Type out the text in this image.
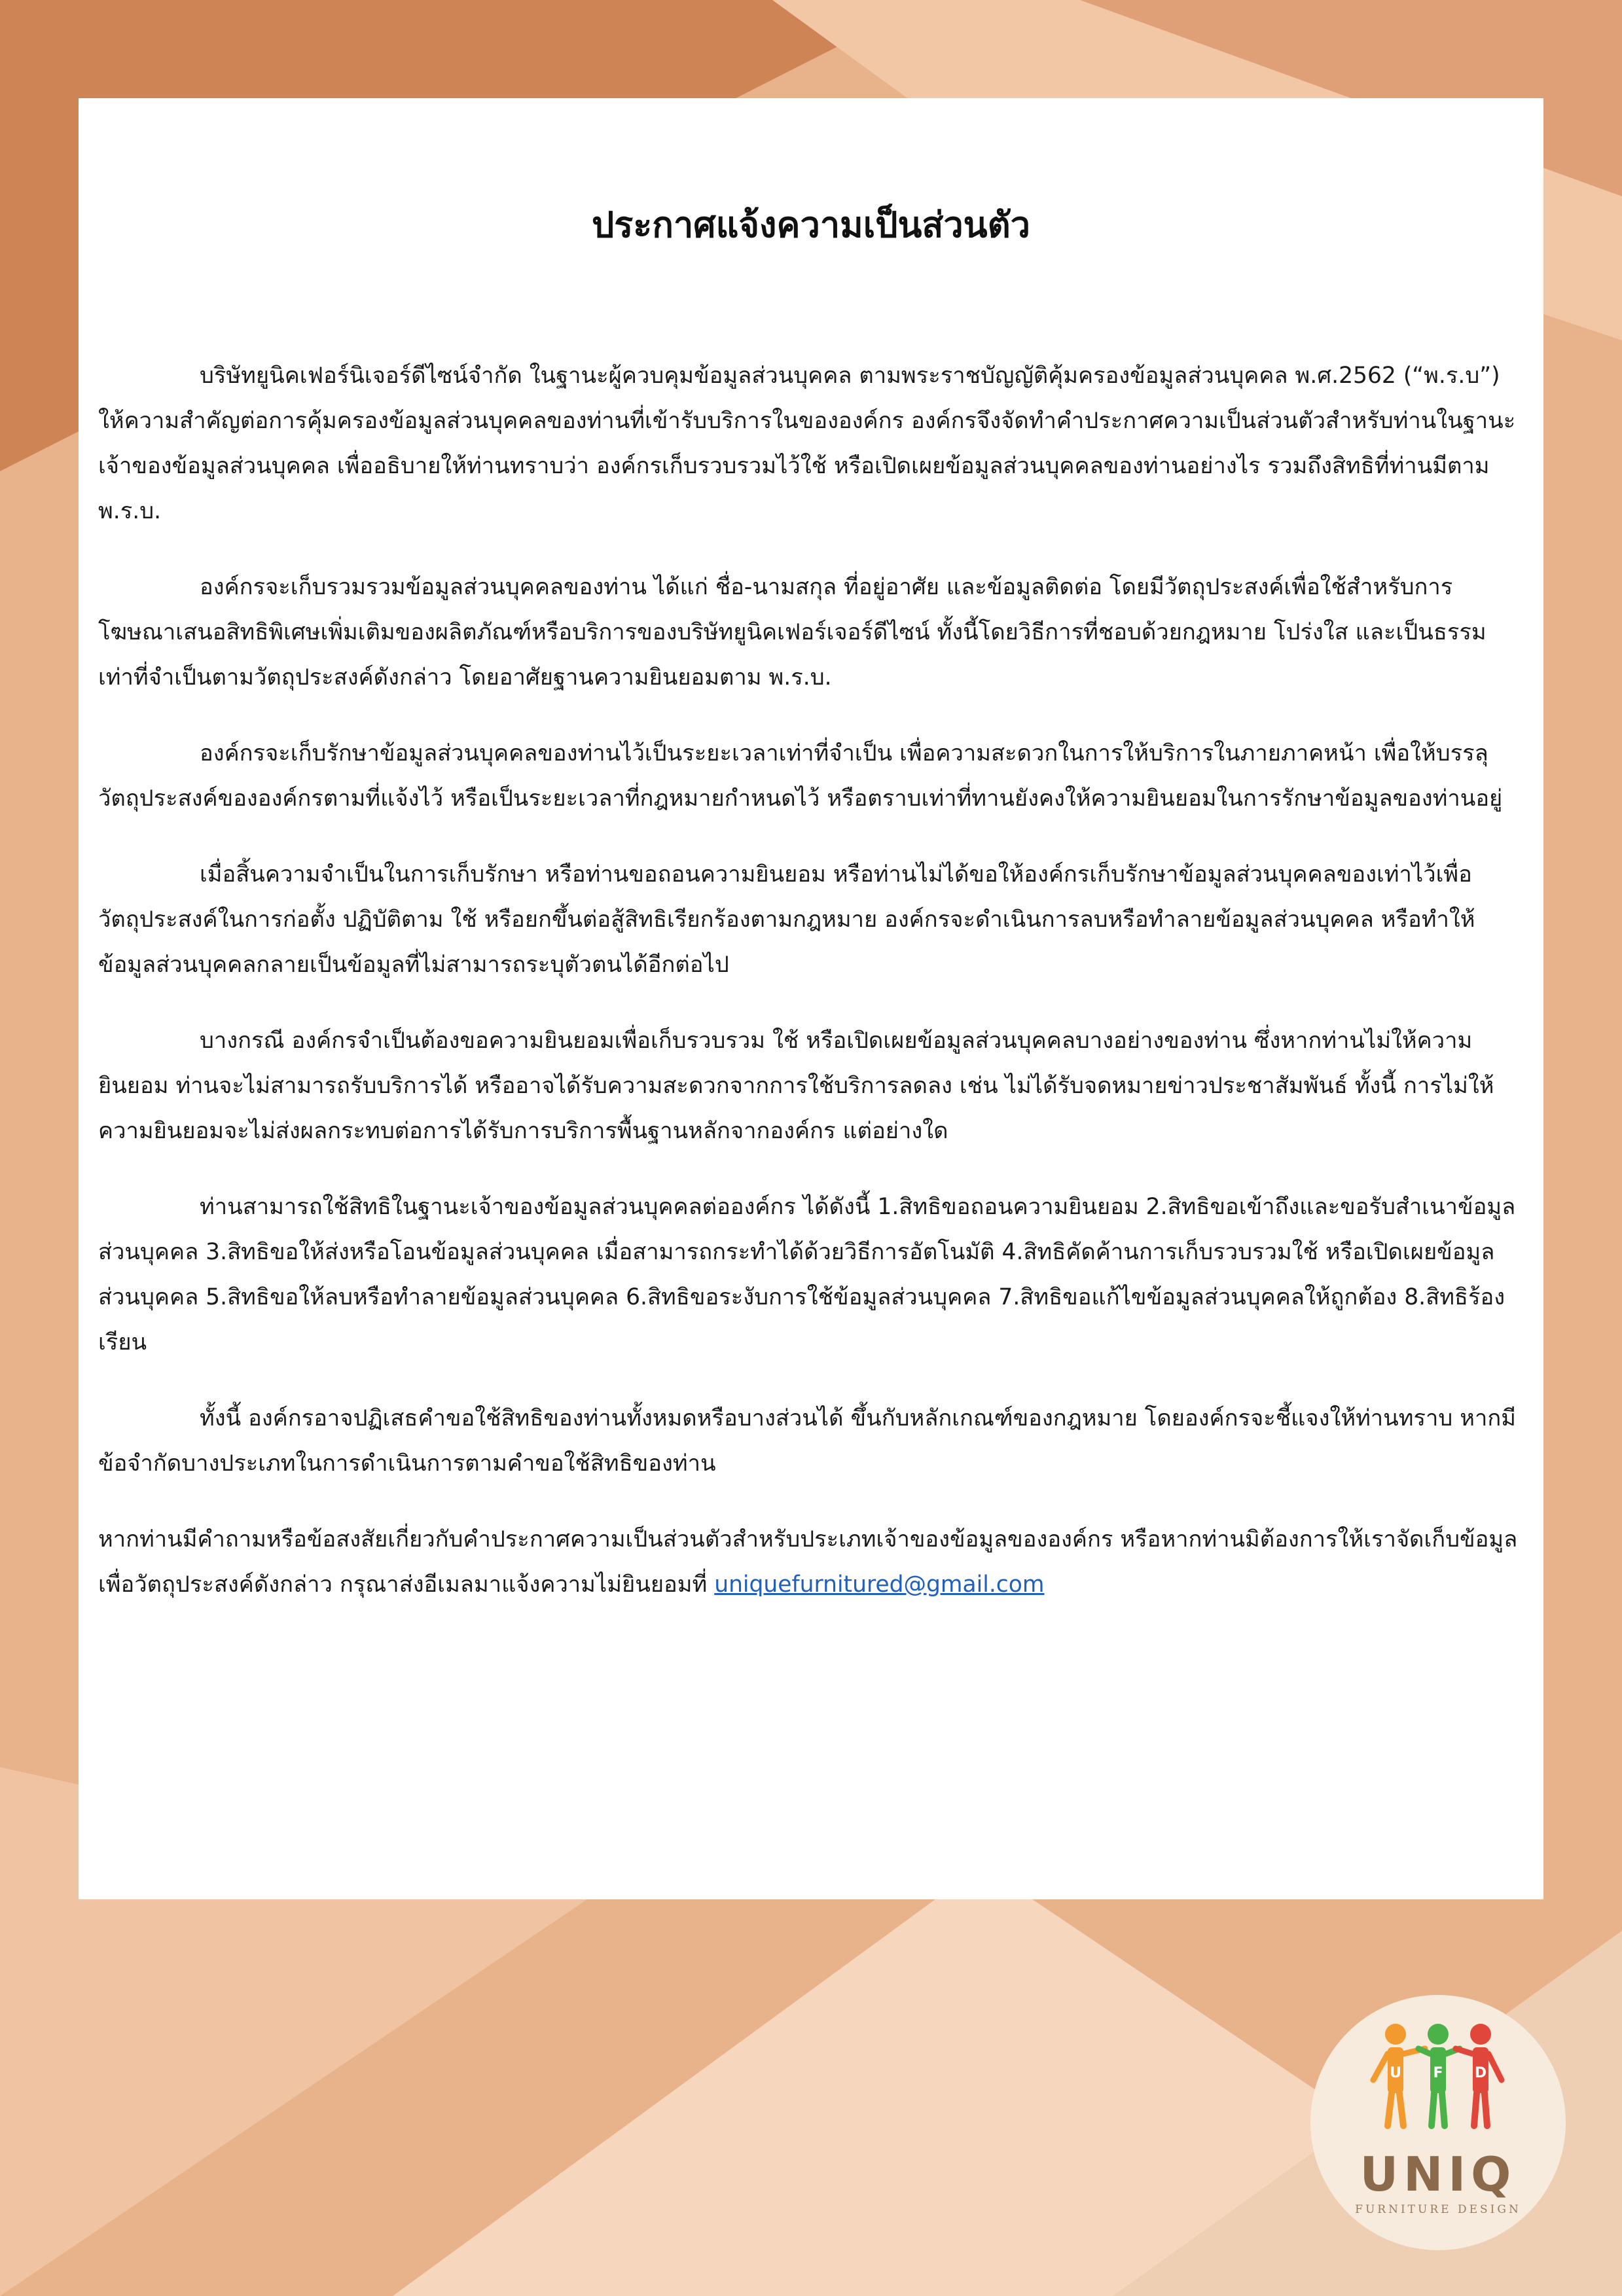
ประกาศแจ้งความเป็นส่วนตัว

บริษัทยูนิคเฟอร์นิเจอร์ดีไซน์จำกัด ในฐานะผู้ควบคุมข้อมูลส่วนบุคคล ตามพระราชบัญญัติคุ้มครองข้อมูลส่วนบุคคล พ.ศ.2562 (“พ.ร.บ”) ให้ความสำคัญต่อการคุ้มครองข้อมูลส่วนบุคคลของท่านที่เข้ารับบริการในขององค์กร องค์กรจึงจัดทำคำประกาศความเป็นส่วนตัวสำหรับท่านในฐานะเจ้าของข้อมูลส่วนบุคคล เพื่ออธิบายให้ท่านทราบว่า องค์กรเก็บรวบรวมไว้ใช้ หรือเปิดเผยข้อมูลส่วนบุคคลของท่านอย่างไร รวมถึงสิทธิที่ท่านมีตาม พ.ร.บ.

องค์กรจะเก็บรวมรวมข้อมูลส่วนบุคคลของท่าน ได้แก่ ชื่อ-นามสกุล ที่อยู่อาศัย และข้อมูลติดต่อ โดยมีวัตถุประสงค์เพื่อใช้สำหรับการโฆษณาเสนอสิทธิพิเศษเพิ่มเติมของผลิตภัณฑ์หรือบริการของบริษัทยูนิคเฟอร์เจอร์ดีไซน์ ทั้งนี้โดยวิธีการที่ชอบด้วยกฎหมาย โปร่งใส และเป็นธรรม เท่าที่จำเป็นตามวัตถุประสงค์ดังกล่าว โดยอาศัยฐานความยินยอมตาม พ.ร.บ.

องค์กรจะเก็บรักษาข้อมูลส่วนบุคคลของท่านไว้เป็นระยะเวลาเท่าที่จำเป็น เพื่อความสะดวกในการให้บริการในภายภาคหน้า เพื่อให้บรรลุวัตถุประสงค์ขององค์กรตามที่แจ้งไว้ หรือเป็นระยะเวลาที่กฎหมายกำหนดไว้ หรือตราบเท่าที่ทานยังคงให้ความยินยอมในการรักษาข้อมูลของท่านอยู่

เมื่อสิ้นความจำเป็นในการเก็บรักษา หรือท่านขอถอนความยินยอม หรือท่านไม่ได้ขอให้องค์กรเก็บรักษาข้อมูลส่วนบุคคลของเท่าไว้เพื่อวัตถุประสงค์ในการก่อตั้ง ปฏิบัติตาม ใช้ หรือยกขึ้นต่อสู้สิทธิเรียกร้องตามกฎหมาย องค์กรจะดำเนินการลบหรือทำลายข้อมูลส่วนบุคคล หรือทำให้ข้อมูลส่วนบุคคลกลายเป็นข้อมูลที่ไม่สามารถระบุตัวตนได้อีกต่อไป

บางกรณี องค์กรจำเป็นต้องขอความยินยอมเพื่อเก็บรวบรวม ใช้ หรือเปิดเผยข้อมูลส่วนบุคคลบางอย่างของท่าน ซึ่งหากท่านไม่ให้ความยินยอม ท่านจะไม่สามารถรับบริการได้ หรืออาจได้รับความสะดวกจากการใช้บริการลดลง เช่น ไม่ได้รับจดหมายข่าวประชาสัมพันธ์ ทั้งนี้ การไม่ให้ความยินยอมจะไม่ส่งผลกระทบต่อการได้รับการบริการพื้นฐานหลักจากองค์กร แต่อย่างใด

ท่านสามารถใช้สิทธิในฐานะเจ้าของข้อมูลส่วนบุคคลต่อองค์กร ได้ดังนี้ 1.สิทธิขอถอนความยินยอม 2.สิทธิขอเข้าถึงและขอรับสำเนาข้อมูลส่วนบุคคล 3.สิทธิขอให้ส่งหรือโอนข้อมูลส่วนบุคคล เมื่อสามารถกระทำได้ด้วยวิธีการอัตโนมัติ 4.สิทธิคัดค้านการเก็บรวบรวมใช้ หรือเปิดเผยข้อมูลส่วนบุคคล 5.สิทธิขอให้ลบหรือทำลายข้อมูลส่วนบุคคล 6.สิทธิขอระงับการใช้ข้อมูลส่วนบุคคล 7.สิทธิขอแก้ไขข้อมูลส่วนบุคคลให้ถูกต้อง 8.สิทธิร้องเรียน

ทั้งนี้ องค์กรอาจปฏิเสธคำขอใช้สิทธิของท่านทั้งหมดหรือบางส่วนได้ ขึ้นกับหลักเกณฑ์ของกฎหมาย โดยองค์กรจะชี้แจงให้ท่านทราบ หากมีข้อจำกัดบางประเภทในการดำเนินการตามคำขอใช้สิทธิของท่าน

หากท่านมีคำถามหรือข้อสงสัยเกี่ยวกับคำประกาศความเป็นส่วนตัวสำหรับประเภทเจ้าของข้อมูลขององค์กร หรือหากท่านมิต้องการให้เราจัดเก็บข้อมูลเพื่อวัตถุประสงค์ดังกล่าว กรุณาส่งอีเมลมาแจ้งความไม่ยินยอมที่ uniquefurnitured@gmail.com

U F D
UNIQ
FURNITURE DESIGN
